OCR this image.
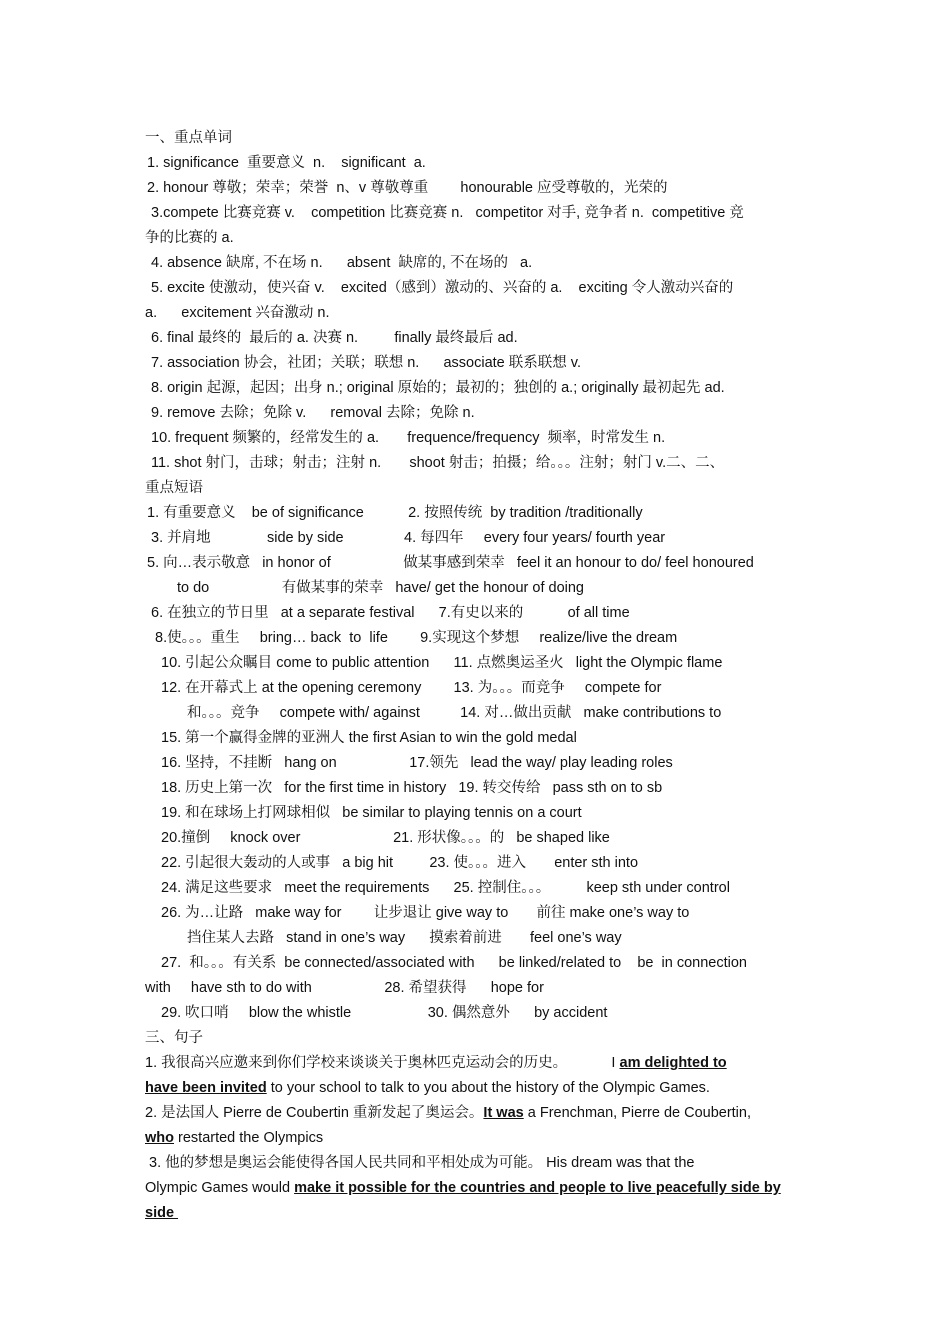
一、重点单词
1. significance  重要意义  n.    significant  a.
2. honour 尊敬；荣幸；荣誉  n、v 尊敬尊重        honourable 应受尊敬的，光荣的
3.compete 比赛竞赛 v.    competition 比赛竞赛 n.   competitor 对手, 竞争者 n.  competitive 竞
争的比赛的 a.
4. absence 缺席, 不在场 n.      absent  缺席的, 不在场的   a.
5. excite 使激动，使兴奋 v.    excited（感到）激动的、兴奋的 a.    exciting 令人激动兴奋的
a.      excitement 兴奋激动 n.
6. final 最终的  最后的 a. 决赛 n.         finally 最终最后 ad.
7. association 协会，社团；关联；联想 n.      associate 联系联想 v.
8. origin 起源，起因；出身 n.; original 原始的；最初的；独创的 a.; originally 最初起先 ad.
9. remove 去除；免除 v.      removal 去除；免除 n.
10. frequent 频繁的，经常发生的 a.       frequence/frequency  频率，时常发生 n.
11. shot 射门，击球；射击；注射 n.       shoot 射击；拍摄；给。。。注射；射门 v.二、二、
重点短语
1. 有重要意义    be of significance           2. 按照传统  by tradition /traditionally
3. 并肩地              side by side               4. 每四年     every four years/ fourth year
5. 向…表示敬意   in honor of                  做某事感到荣幸   feel it an honour to do/ feel honoured
to do                  有做某事的荣幸   have/ get the honour of doing
6. 在独立的节日里   at a separate festival      7.有史以来的           of all time
8.使。。。重生     bring… back  to  life        9.实现这个梦想     realize/live the dream
10. 引起公众瞩目 come to public attention      11. 点燃奥运圣火   light the Olympic flame
12. 在开幕式上 at the opening ceremony        13. 为。。。而竞争     compete for
和。。。竞争     compete with/ against          14. 对…做出贡献   make contributions to
15. 第一个赢得金牌的亚洲人 the first Asian to win the gold medal
16. 坚持，不挂断   hang on                  17.领先   lead the way/ play leading roles
18. 历史上第一次   for the first time in history   19. 转交传给   pass sth on to sb
19. 和在球场上打网球相似   be similar to playing tennis on a court
20.撞倒     knock over                       21. 形状像。。。的   be shaped like
22. 引起很大轰动的人或事   a big hit         23. 使。。。进入       enter sth into
24. 满足这些要求   meet the requirements      25. 控制住。。。         keep sth under control
26. 为…让路   make way for        让步退让 give way to       前往 make one’s way to
挡住某人去路   stand in one’s way      摸索着前进       feel one’s way
27.  和。。。有关系  be connected/associated with      be linked/related to    be  in connection
with     have sth to do with                  28. 希望获得      hope for
29. 吹口哨     blow the whistle                   30. 偶然意外      by accident
三、句子
1. 我很高兴应邀来到你们学校来谈谈关于奥林匹克运动会的历史。           I am delighted to
have been invited to your school to talk to you about the history of the Olympic Games.
2. 是法国人 Pierre de Coubertin 重新发起了奥运会。It was a Frenchman, Pierre de Coubertin,
who restarted the Olympics
3. 他的梦想是奥运会能使得各国人民共同和平相处成为可能。 His dream was that the
Olympic Games would make it possible for the countries and people to live peacefully side by
side
